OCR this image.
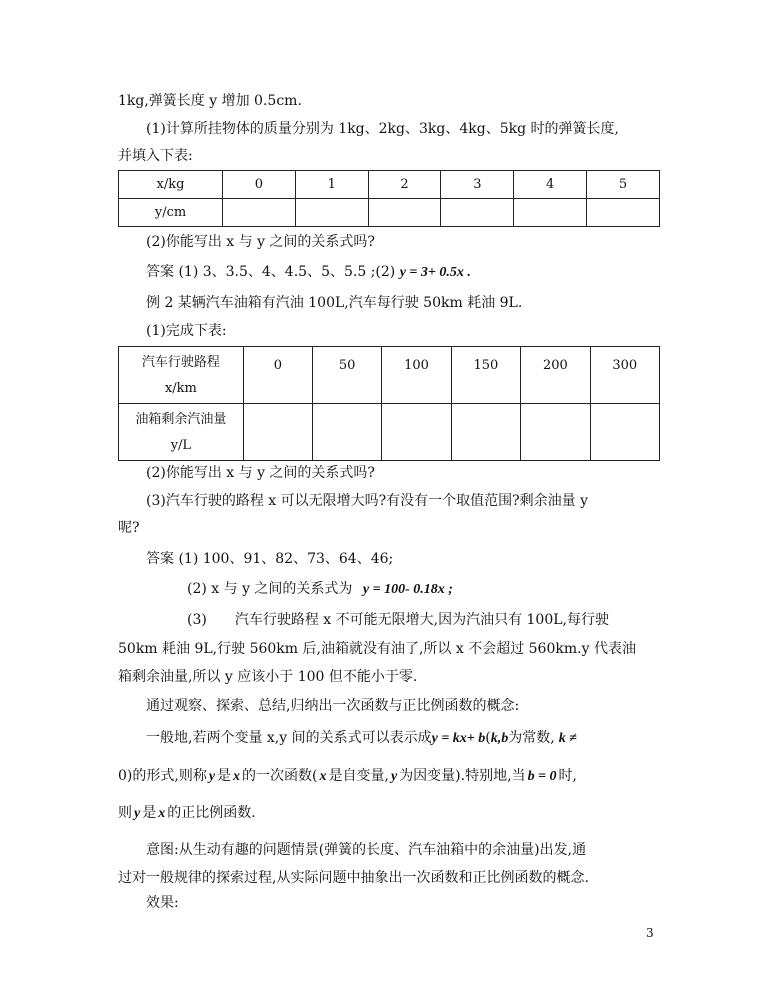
1kg,弹簧长度 y 增加 0.5cm.
(1)计算所挂物体的质量分别为 1kg、2kg、3kg、4kg、5kg 时的弹簧长度,
并填入下表:
x/kg	0	1	2	3	4	5
y/cm						
(2)你能写出 x 与 y 之间的关系式吗?
答案 (1) 3、3.5、4、4.5、5、5.5 ;(2) y = 3+ 0.5x .
例 2 某辆汽车油箱有汽油 100L,汽车每行驶 50km 耗油 9L.
(1)完成下表:
汽车行驶路程
x/km	0	50	100	150	200	300

油箱剩余汽油量
y/L						

(2)你能写出 x 与 y 之间的关系式吗?
(3)汽车行驶的路程 x 可以无限增大吗?有没有一个取值范围?剩余油量 y
呢?
答案 (1) 100、91、82、73、64、46;
(2) x 与 y 之间的关系式为 y = 100- 0.18x ;
(3)　　汽车行驶路程 x 不可能无限增大,因为汽油只有 100L,每行驶
50km 耗油 9L,行驶 560km 后,油箱就没有油了,所以 x 不会超过 560km.y 代表油
箱剩余油量,所以 y 应该小于 100 但不能小于零.
通过观察、探索、总结,归纳出一次函数与正比例函数的概念:
一般地,若两个变量 x,y 间的关系式可以表示成y = kx+ b(k,b为常数, k ≠
0)的形式,则称 y 是 x 的一次函数( x 是自变量, y 为因变量).特别地,当 b = 0 时,
则 y 是 x 的正比例函数.
意图:从生动有趣的问题情景(弹簧的长度、汽车油箱中的余油量)出发,通
过对一般规律的探索过程,从实际问题中抽象出一次函数和正比例函数的概念.
效果:
3
